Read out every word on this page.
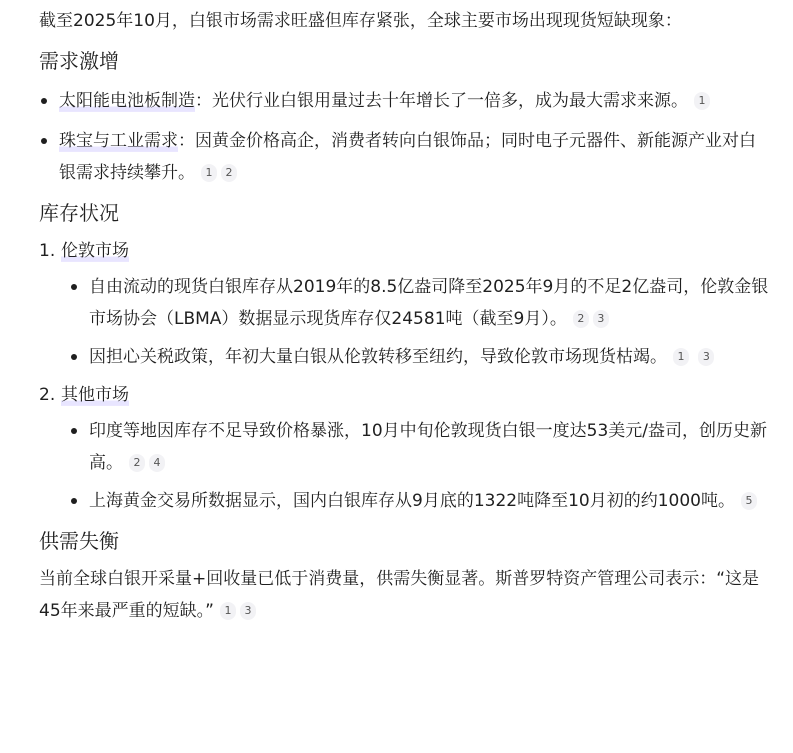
截至2025年10月，白银市场需求旺盛但库存紧张，全球主要市场出现现货短缺现象：

需求激增
太阳能电池板制造：光伏行业白银用量过去十年增长了一倍多，成为最大需求来源。 1
珠宝与工业需求：因黄金价格高企，消费者转向白银饰品；同时电子元器件、新能源产业对白银需求持续攀升。 1 2
库存状况
1. 伦敦市场
自由流动的现货白银库存从2019年的8.5亿盎司降至2025年9月的不足2亿盎司，伦敦金银市场协会（LBMA）数据显示现货库存仅24581吨（截至9月）。 2 3
因担心关税政策，年初大量白银从伦敦转移至纽约，导致伦敦市场现货枯竭。 1 3
2. 其他市场
印度等地因库存不足导致价格暴涨，10月中旬伦敦现货白银一度达53美元/盎司，创历史新高。 2 4
上海黄金交易所数据显示，国内白银库存从9月底的1322吨降至10月初的约1000吨。 5
供需失衡

当前全球白银开采量+回收量已低于消费量，供需失衡显著。斯普罗特资产管理公司表示：“这是45年来最严重的短缺。” 1 3
